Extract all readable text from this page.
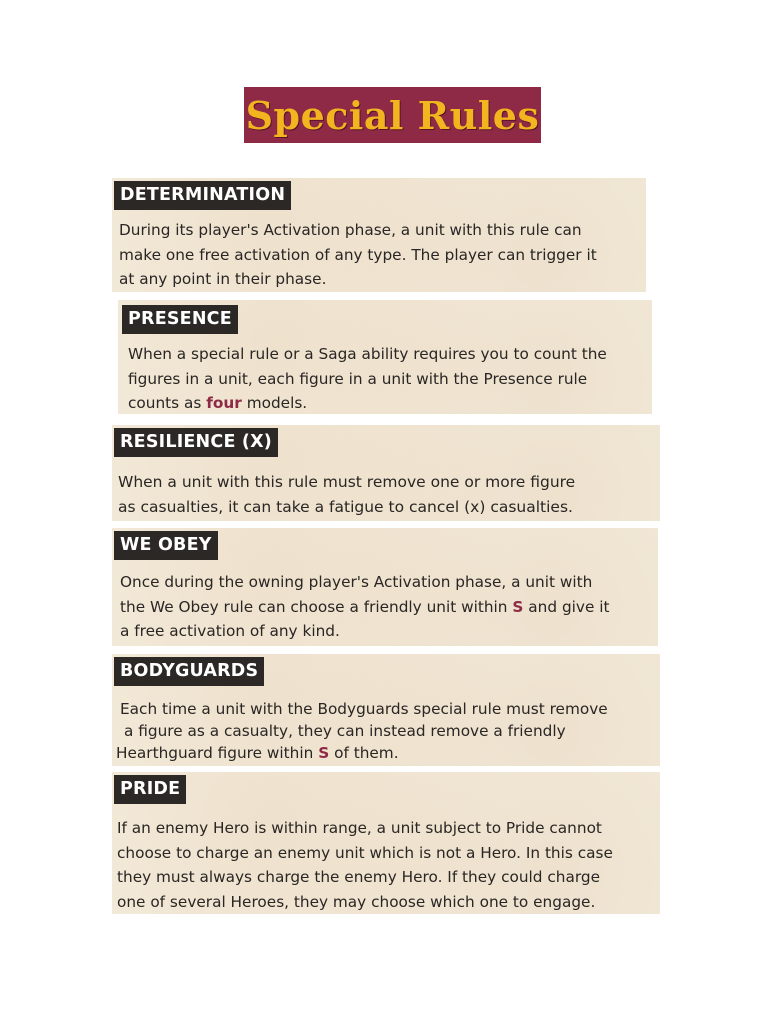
Special Rules
DETERMINATION

During its player's Activation phase, a unit with this rule can

make one free activation of any type. The player can trigger it

at any point in their phase.

PRESENCE

When a special rule or a Saga ability requires you to count the

figures in a unit, each figure in a unit with the Presence rule

counts as four models.

RESILIENCE (X)

When a unit with this rule must remove one or more figure

as casualties, it can take a fatigue to cancel (x) casualties.

WE OBEY

Once during the owning player's Activation phase, a unit with

the We Obey rule can choose a friendly unit within S and give it

a free activation of any kind.

BODYGUARDS

Each time a unit with the Bodyguards special rule must remove

a figure as a casualty, they can instead remove a friendly

Hearthguard figure within S of them.

PRIDE

If an enemy Hero is within range, a unit subject to Pride cannot

choose to charge an enemy unit which is not a Hero. In this case

they must always charge the enemy Hero. If they could charge

one of several Heroes, they may choose which one to engage.
